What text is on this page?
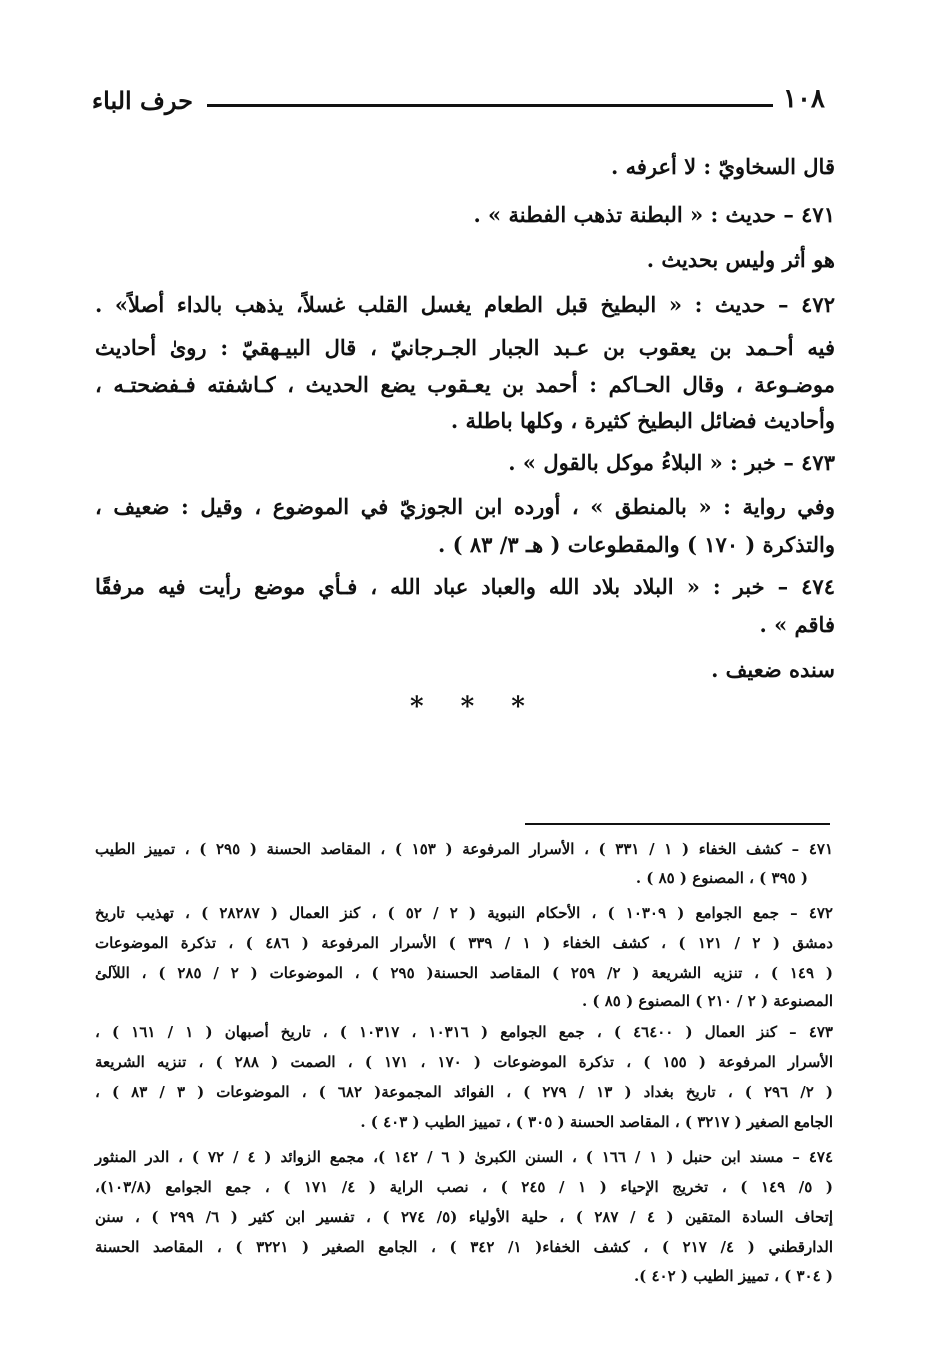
١٠٨
حرف الباء
قال السخاويّ : لا أعرفه .
٤٧١ – حديث : « البطنة تذهب الفطنة » .
هو أثر وليس بحديث .
٤٧٢ – حديث : « البطيخ قبل الطعام يغسل القلب غسلاً، يذهب بالداء أصلاً» .
فيه أحـمد بن يعقوب بن عـبد الجبار الجـرجانيّ ، قال البيـهقيّ : روىٰ أحاديث
موضـوعة ، وقال الحـاكم : أحمد بن يعـقوب يضع الحديث ، كـاشفته فـفضحتـه ،
وأحاديث فضائل البطيخ كثيرة ، وكلها باطلة .
٤٧٣ – خبر : « البلاءُ موكل بالقول » .
وفي رواية : « بالمنطق » ، أورده ابن الجوزيّ في الموضوع ، وقيل : ضعيف ،
والتذكرة ( ١٧٠ ) والمقطوعات ( هـ ٣/ ٨٣ ) .
٤٧٤ – خبر : « البلاد بلاد الله والعباد عباد الله ، فـأي موضع رأيت فيه مرفقًا
فاقم » .
سنده ضعيف .
* * *
٤٧١ – كشف الخفاء ( ١ / ٣٣١ ) ، الأسرار المرفوعة ( ١٥٣ ) ، المقاصد الحسنة ( ٢٩٥ ) ، تمييز الطيب
( ٣٩٥ ) ، المصنوع ( ٨٥ ) .
٤٧٢ – جمع الجوامع ( ١٠٣٠٩ ) ، الأحكام النبوية ( ٢ / ٥٢ ) ، كنز العمال ( ٢٨٢٨٧ ) ، تهذيب تاريخ
دمشق ( ٢ / ١٢١ ) ، كشف الخفاء ( ١ / ٣٣٩ ) الأسرار المرفوعة ( ٤٨٦ ) ، تذكرة الموضوعات
( ١٤٩ ) ، تنزيه الشريعة ( ٢/ ٢٥٩ ) المقاصد الحسنة( ٢٩٥ ) ، الموضوعات ( ٢ / ٢٨٥ ) ، اللآلئ
المصنوعة ( ٢ / ٢١٠ ) المصنوع ( ٨٥ ) .
٤٧٣ – كنز العمال ( ٤٦٤٠٠ ) ، جمع الجوامع ( ١٠٣١٦ ، ١٠٣١٧ ) ، تاريخ أصبهان ( ١ / ١٦١ ) ،
الأسرار المرفوعة ( ١٥٥ ) ، تذكرة الموضوعات ( ١٧٠ ، ١٧١ ) ، الصمت ( ٢٨٨ ) ، تنزيه الشريعة
( ٢/ ٢٩٦ ) ، تاريخ بغداد ( ١٣ / ٢٧٩ ) ، الفوائد المجموعة( ٦٨٢ ) ، الموضوعات ( ٣ / ٨٣ ) ،
الجامع الصغير ( ٣٢١٧ ) ، المقاصد الحسنة ( ٣٠٥ ) ، تمييز الطيب ( ٤٠٣ ) .
٤٧٤ – مسند ابن حنبل ( ١ / ١٦٦ ) ، السنن الكبرىٰ ( ٦ / ١٤٢ )، مجمع الزوائد ( ٤ / ٧٢ ) ، الدر المنثور
( ٥/ ١٤٩ ) ، تخريج الإحياء ( ١ / ٢٤٥ ) ، نصب الراية ( ٤/ ١٧١ ) ، جمع الجوامع (١٠٣/٨)،
إتحاف السادة المتقين ( ٤ / ٢٨٧ ) ، حلية الأولياء (٥/ ٢٧٤ ) ، تفسير ابن كثير ( ٦/ ٢٩٩ ) ، سنن
الدارقطني ( ٤/ ٢١٧ ) ، كشف الخفاء( ١/ ٣٤٢ ) ، الجامع الصغير ( ٣٢٢١ ) ، المقاصد الحسنة
( ٣٠٤ ) ، تمييز الطيب ( ٤٠٢ ).
